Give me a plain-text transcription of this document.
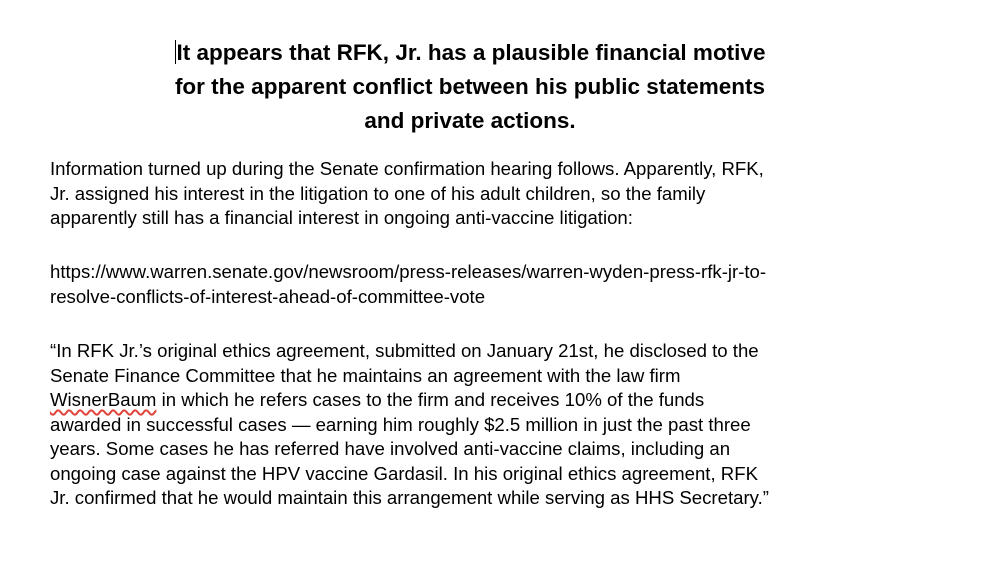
It appears that RFK, Jr. has a plausible financial motive
for the apparent conflict between his public statements
and private actions.
Information turned up during the Senate confirmation hearing follows. Apparently, RFK,
Jr. assigned his interest in the litigation to one of his adult children, so the family
apparently still has a financial interest in ongoing anti-vaccine litigation:
https://www.warren.senate.gov/newsroom/press-releases/warren-wyden-press-rfk-jr-to-
resolve-conflicts-of-interest-ahead-of-committee-vote
“In RFK Jr.’s original ethics agreement, submitted on January 21st, he disclosed to the
Senate Finance Committee that he maintains an agreement with the law firm
WisnerBaum in which he refers cases to the firm and receives 10% of the funds
awarded in successful cases — earning him roughly $2.5 million in just the past three
years. Some cases he has referred have involved anti-vaccine claims, including an
ongoing case against the HPV vaccine Gardasil. In his original ethics agreement, RFK
Jr. confirmed that he would maintain this arrangement while serving as HHS Secretary.”
